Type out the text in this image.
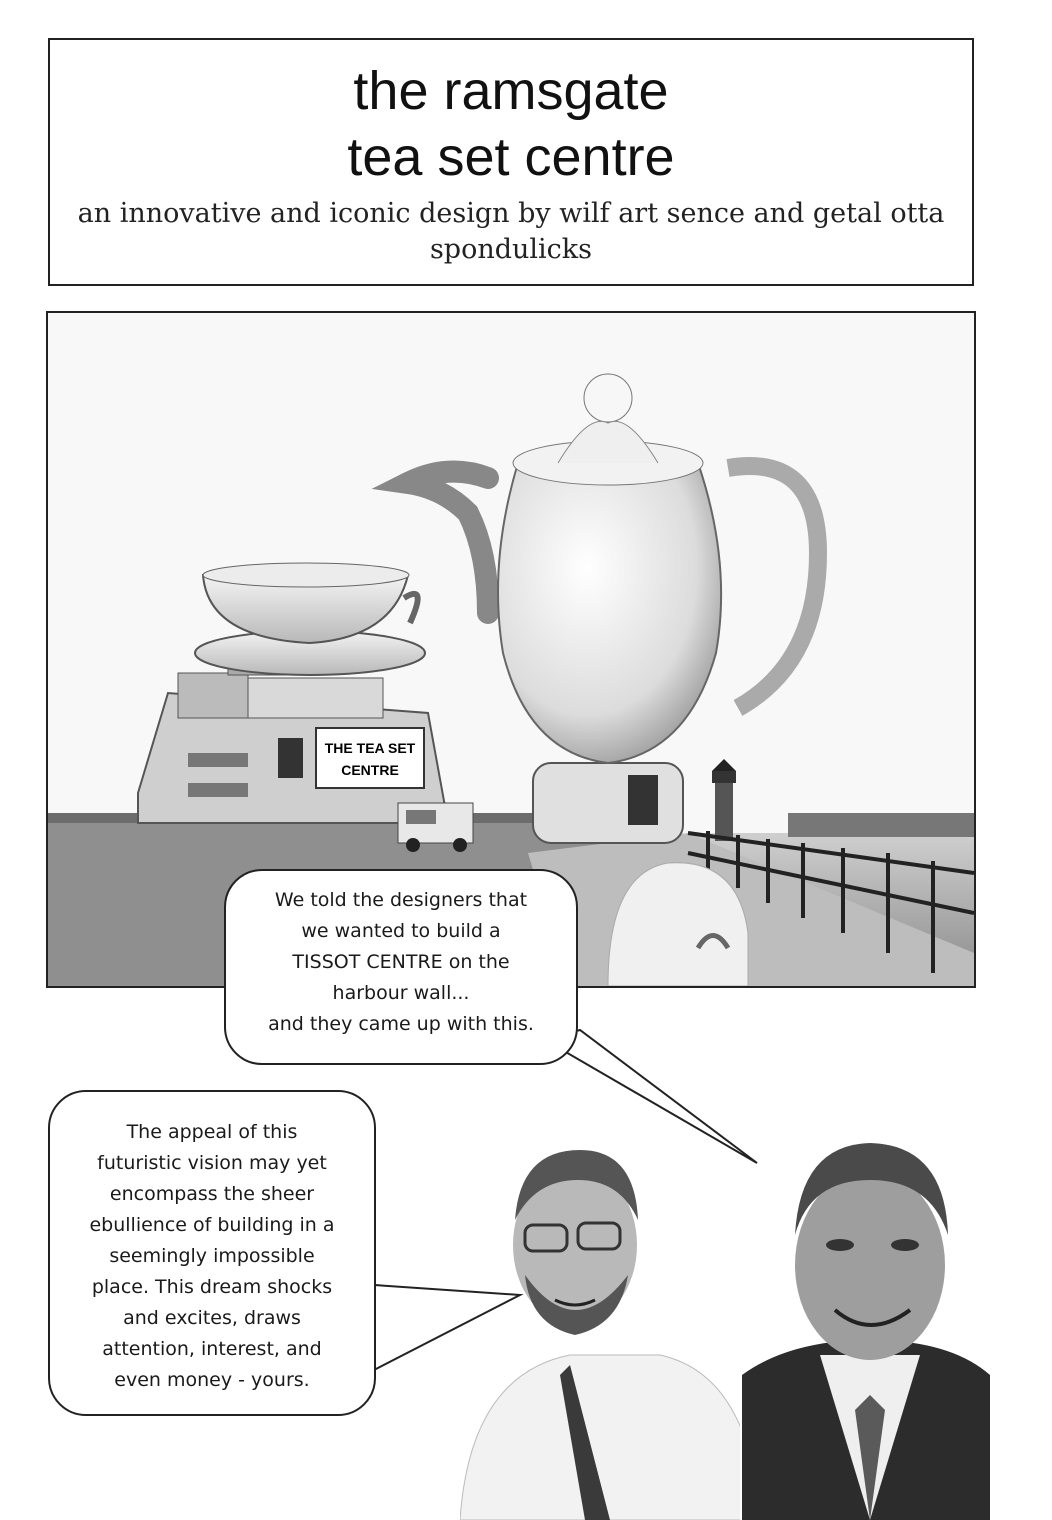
the ramsgate
tea set centre
an innovative and iconic design by wilf art sence and getal otta spondulicks
THE TEA SET
CENTRE

We told the designers that

we wanted to build a

TISSOT CENTRE on the

harbour wall...

and they came up with this.

The appeal of this

futuristic vision may yet

encompass the sheer

ebullience of building in a

seemingly impossible

place. This dream shocks

and excites, draws

attention, interest, and

even money - yours.
